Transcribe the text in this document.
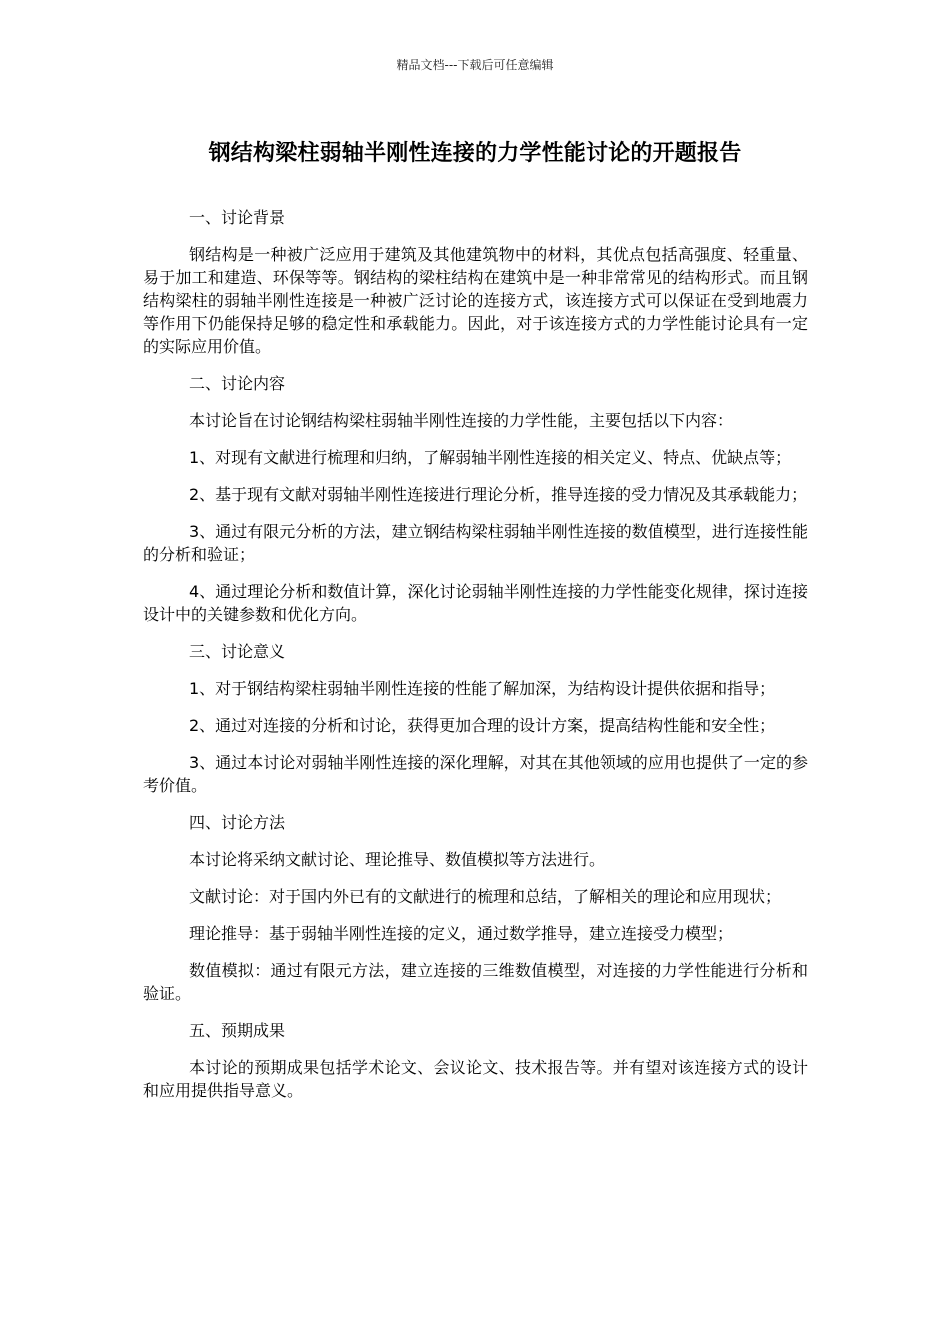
精品文档---下载后可任意编辑
钢结构梁柱弱轴半刚性连接的力学性能讨论的开题报告

一、讨论背景

钢结构是一种被广泛应用于建筑及其他建筑物中的材料，其优点包括高强度、轻重量、易于加工和建造、环保等等。钢结构的梁柱结构在建筑中是一种非常常见的结构形式。而且钢结构梁柱的弱轴半刚性连接是一种被广泛讨论的连接方式，该连接方式可以保证在受到地震力等作用下仍能保持足够的稳定性和承载能力。因此，对于该连接方式的力学性能讨论具有一定的实际应用价值。

二、讨论内容

本讨论旨在讨论钢结构梁柱弱轴半刚性连接的力学性能，主要包括以下内容：

1、对现有文献进行梳理和归纳，了解弱轴半刚性连接的相关定义、特点、优缺点等；

2、基于现有文献对弱轴半刚性连接进行理论分析，推导连接的受力情况及其承载能力；

3、通过有限元分析的方法，建立钢结构梁柱弱轴半刚性连接的数值模型，进行连接性能的分析和验证；

4、通过理论分析和数值计算，深化讨论弱轴半刚性连接的力学性能变化规律，探讨连接设计中的关键参数和优化方向。

三、讨论意义

1、对于钢结构梁柱弱轴半刚性连接的性能了解加深，为结构设计提供依据和指导；

2、通过对连接的分析和讨论，获得更加合理的设计方案，提高结构性能和安全性；

3、通过本讨论对弱轴半刚性连接的深化理解，对其在其他领域的应用也提供了一定的参考价值。

四、讨论方法

本讨论将采纳文献讨论、理论推导、数值模拟等方法进行。

文献讨论：对于国内外已有的文献进行的梳理和总结，了解相关的理论和应用现状；

理论推导：基于弱轴半刚性连接的定义，通过数学推导，建立连接受力模型；

数值模拟：通过有限元方法，建立连接的三维数值模型，对连接的力学性能进行分析和验证。

五、预期成果

本讨论的预期成果包括学术论文、会议论文、技术报告等。并有望对该连接方式的设计和应用提供指导意义。
